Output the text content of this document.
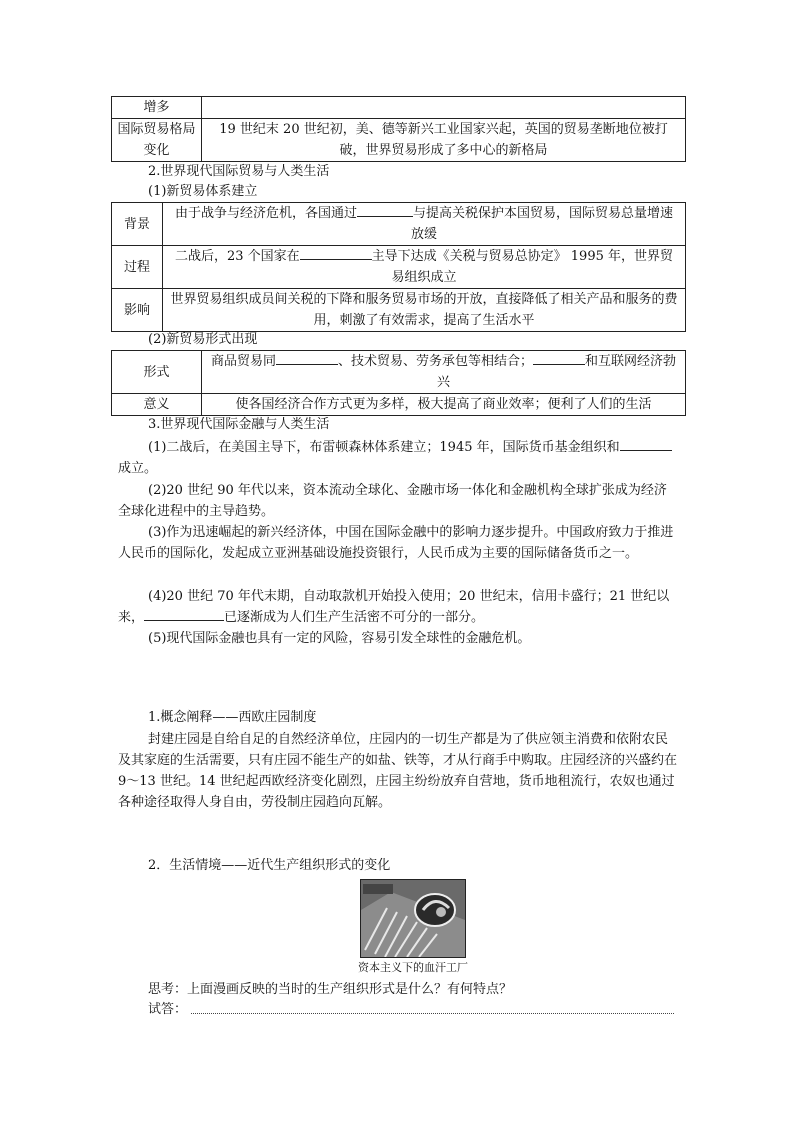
增多	
国际贸易格局变化	19 世纪末 20 世纪初，美、德等新兴工业国家兴起，英国的贸易垄断地位被打破，世界贸易形成了多中心的新格局
2.世界现代国际贸易与人类生活
(1)新贸易体系建立
背景	由于战争与经济危机，各国通过 与提高关税保护本国贸易，国际贸易总量增速放缓
过程	二战后，23 个国家在 主导下达成《关税与贸易总协定》 1995 年，世界贸易组织成立
影响	世界贸易组织成员间关税的下降和服务贸易市场的开放，直接降低了相关产品和服务的费用，刺激了有效需求，提高了生活水平
(2)新贸易形式出现
形式	商品贸易同 、技术贸易、劳务承包等相结合； 和互联网经济勃兴
意义	使各国经济合作方式更为多样，极大提高了商业效率；便利了人们的生活
3.世界现代国际金融与人类生活
(1)二战后，在美国主导下，布雷顿森林体系建立；1945 年，国际货币基金组织和成立。
(2)20 世纪 90 年代以来，资本流动全球化、金融市场一体化和金融机构全球扩张成为经济全球化进程中的主导趋势。
(3)作为迅速崛起的新兴经济体，中国在国际金融中的影响力逐步提升。中国政府致力于推进人民币的国际化，发起成立亚洲基础设施投资银行，人民币成为主要的国际储备货币之一。
(4)20 世纪 70 年代末期，自动取款机开始投入使用；20 世纪末，信用卡盛行；21 世纪以来，	已逐渐成为人们生产生活密不可分的一部分。
(5)现代国际金融也具有一定的风险，容易引发全球性的金融危机。
1.概念阐释——西欧庄园制度
封建庄园是自给自足的自然经济单位，庄园内的一切生产都是为了供应领主消费和依附农民及其家庭的生活需要，只有庄园不能生产的如盐、铁等，才从行商手中购取。庄园经济的兴盛约在 9～13 世纪。14 世纪起西欧经济变化剧烈，庄园主纷纷放弃自营地，货币地租流行，农奴也通过各种途径取得人身自由，劳役制庄园趋向瓦解。
2．生活情境——近代生产组织形式的变化
资本主义下的血汗工厂
思考：上面漫画反映的当时的生产组织形式是什么？有何特点？
试答：
